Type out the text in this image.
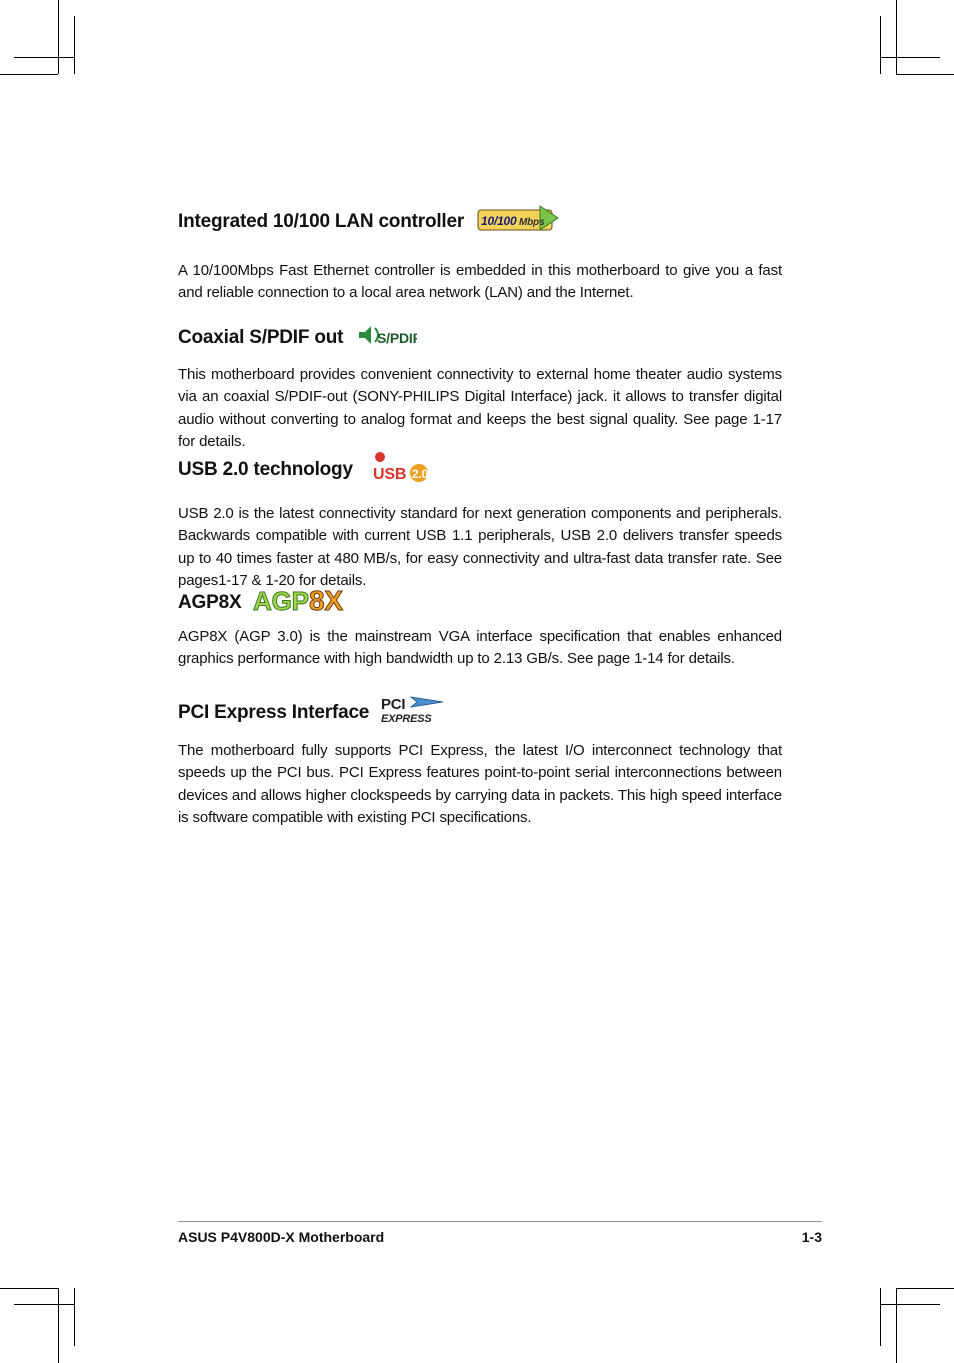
Integrated 10/100 LAN controller 10/100 Mbps

A 10/100Mbps Fast Ethernet controller is embedded in this motherboard to give you a fast and reliable connection to a local area network (LAN) and the Internet.

Coaxial S/PDIF out S/PDIF

This motherboard provides convenient connectivity to external home theater audio systems via an coaxial S/PDIF-out (SONY-PHILIPS Digital Interface) jack. it allows to transfer digital audio without converting to analog format and keeps the best signal quality. See page 1-17 for details.

USB 2.0 technology USB 2.0

USB 2.0 is the latest connectivity standard for next generation components and peripherals. Backwards compatible with current USB 1.1 peripherals, USB 2.0 delivers transfer speeds up to 40 times faster at 480 MB/s, for easy connectivity and ultra-fast data transfer rate. See pages1-17 & 1-20 for details.

AGP8X AGP 8X

AGP8X (AGP 3.0) is the mainstream VGA interface specification that enables enhanced graphics performance with high bandwidth up to 2.13 GB/s. See page 1-14 for details.

PCI Express Interface PCI
EXPRESS

The motherboard fully supports PCI Express, the latest I/O interconnect technology that speeds up the PCI bus. PCI Express features point-to-point serial interconnections between devices and allows higher clockspeeds by carrying data in packets. This high speed interface is software compatible with existing PCI specifications.

ASUS P4V800D-X Motherboard	1-3
